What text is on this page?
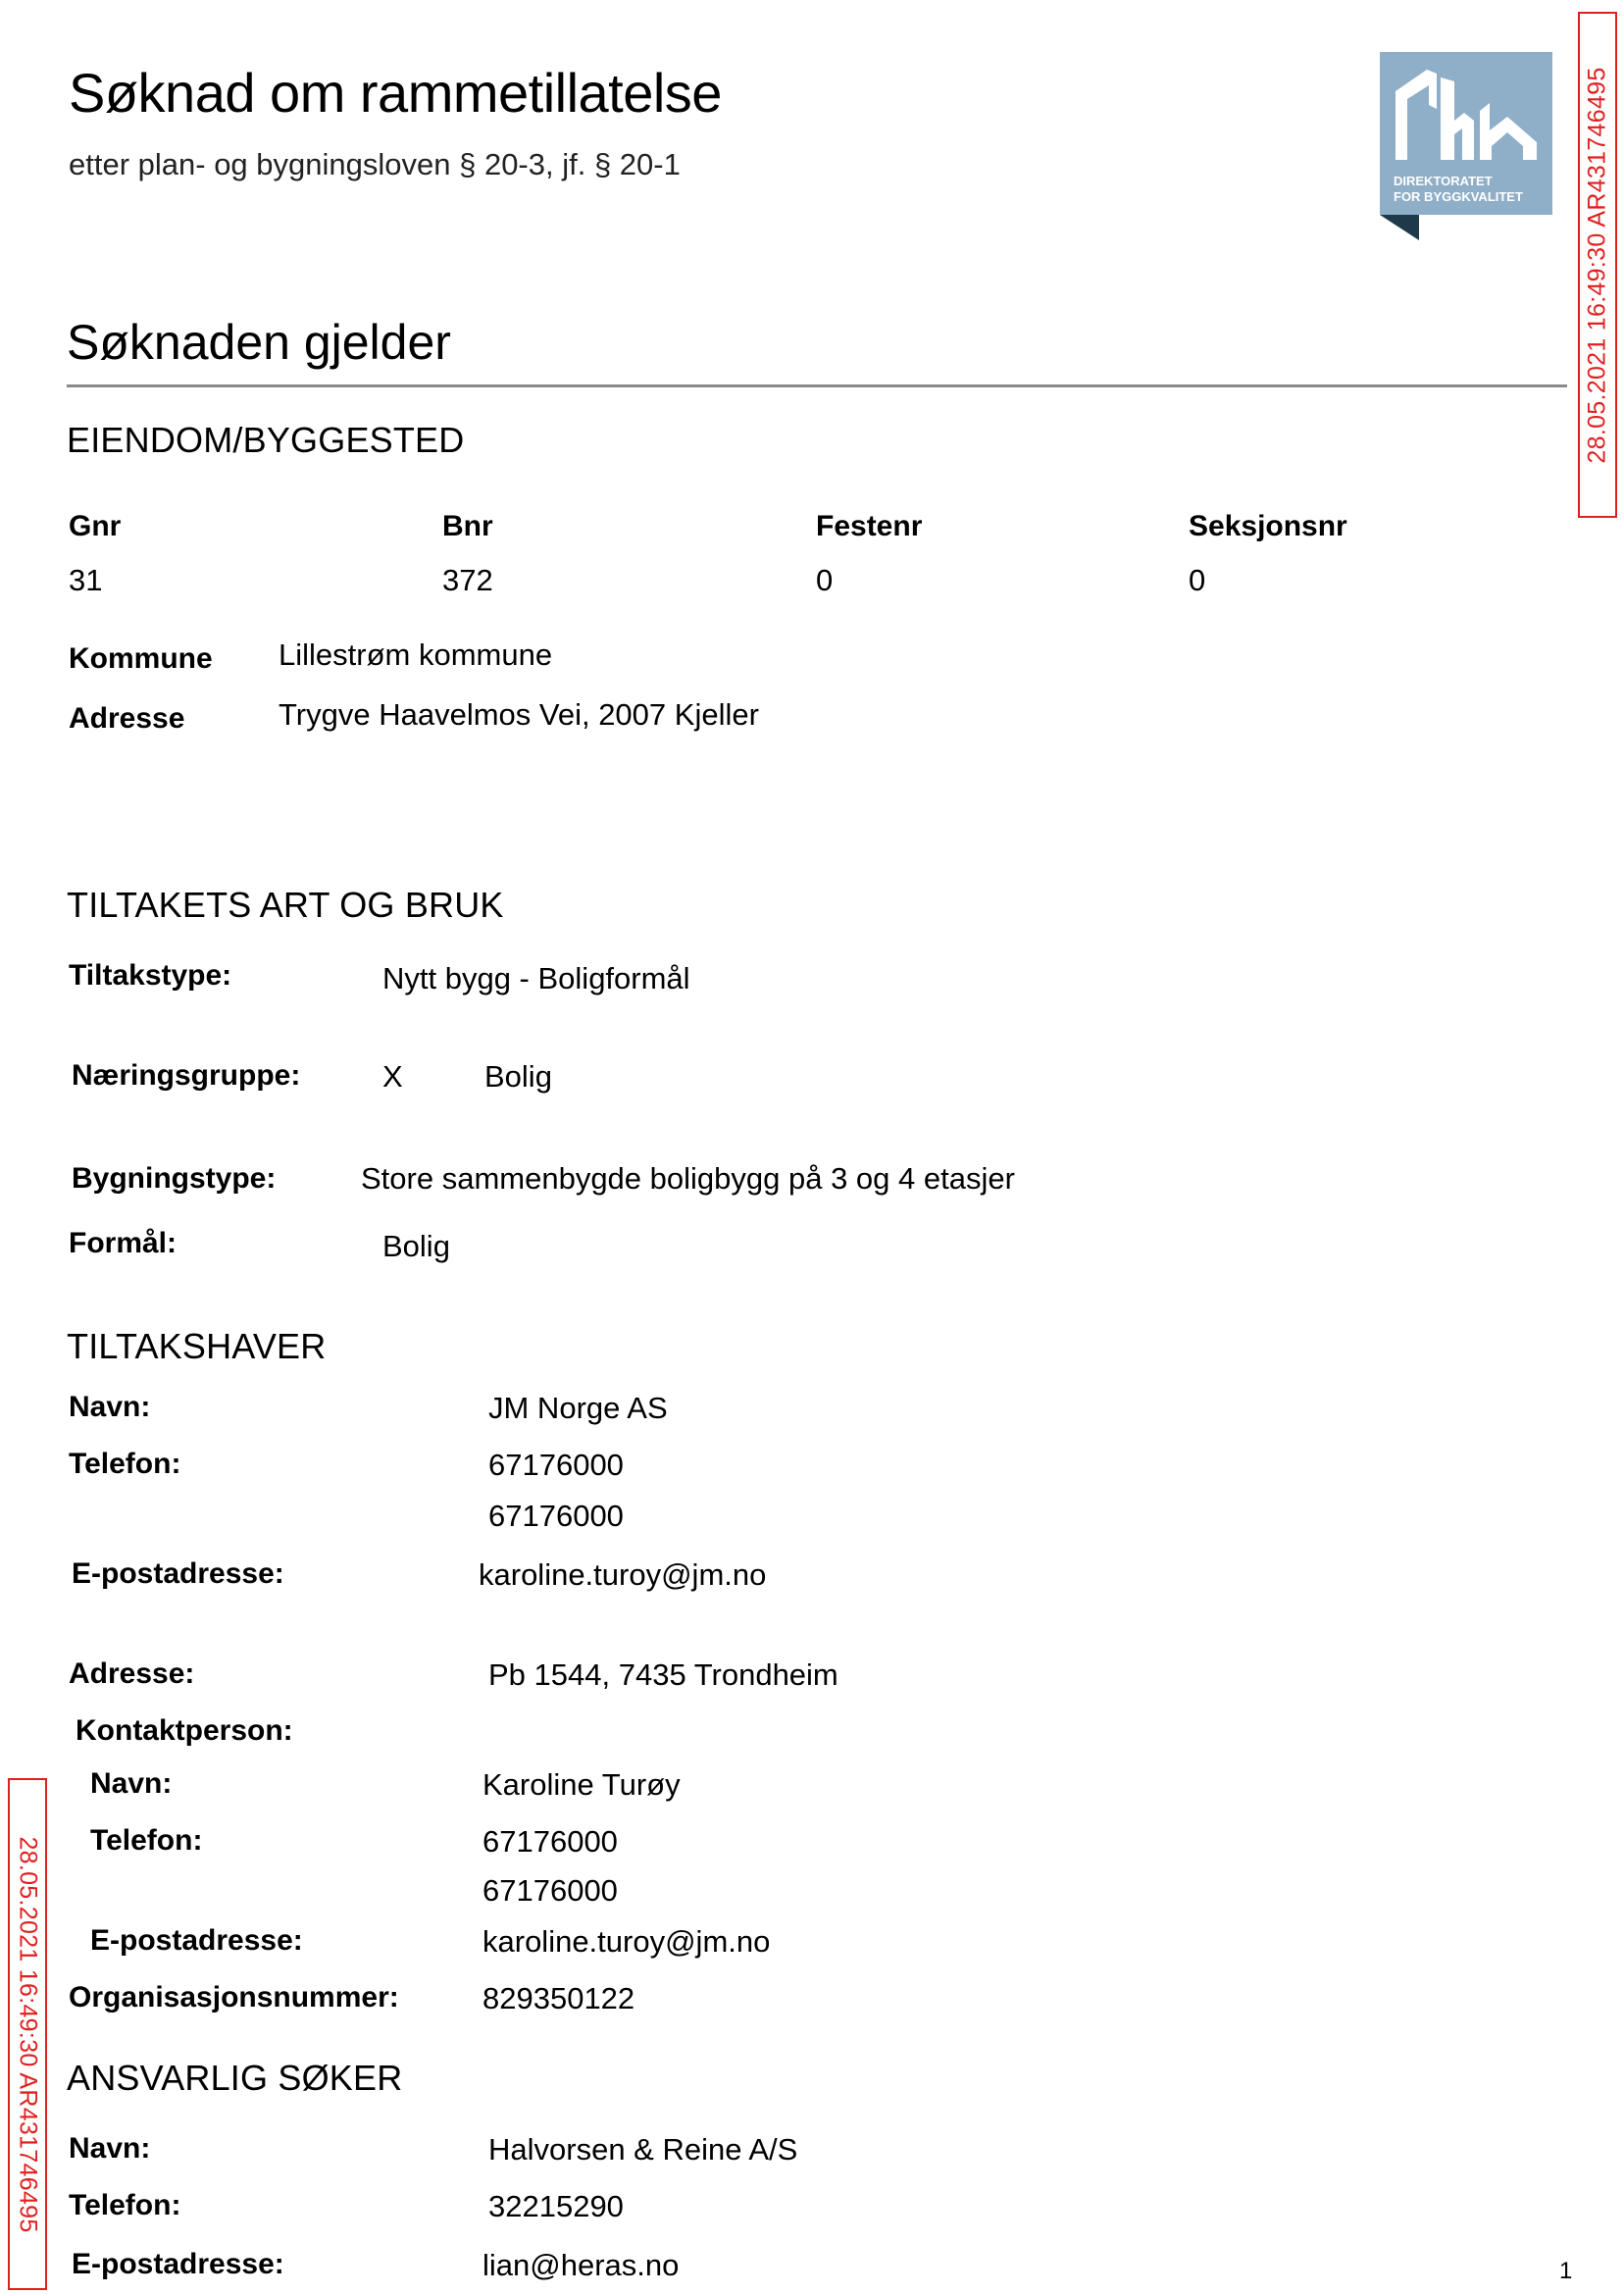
Søknad om rammetillatelse
etter plan- og bygningsloven § 20-3, jf. § 20-1	DIREKTORATET
FOR BYGGKVALITET 28.05.2021 16:49:30 AR431746495
28.05.2021 16:49:30 AR431746495
Søknaden gjelder
EIENDOM/BYGGESTED
Gnr	Bnr	Festenr	Seksjonsnr
31	372	0	0
Kommune Lillestrøm kommune
Adresse	Trygve Haavelmos Vei, 2007 Kjeller
TILTAKETS ART OG BRUK
Tiltakstype:	Nytt bygg - Boligformål
Næringsgruppe:	X	Bolig
Bygningstype:	Store sammenbygde boligbygg på 3 og 4 etasjer
Formål:	Bolig
TILTAKSHAVER
Navn:	JM Norge AS
Telefon:	67176000
67176000
E-postadresse:	karoline.turoy@jm.no
Adresse:	Pb 1544, 7435 Trondheim
Kontaktperson:
Navn:	Karoline Turøy
Telefon:	67176000
67176000
E-postadresse:	karoline.turoy@jm.no
Organisasjonsnummer:	829350122
ANSVARLIG SØKER
Navn:	Halvorsen & Reine A/S
Telefon:	32215290
E-postadresse:	lian@heras.no	1
